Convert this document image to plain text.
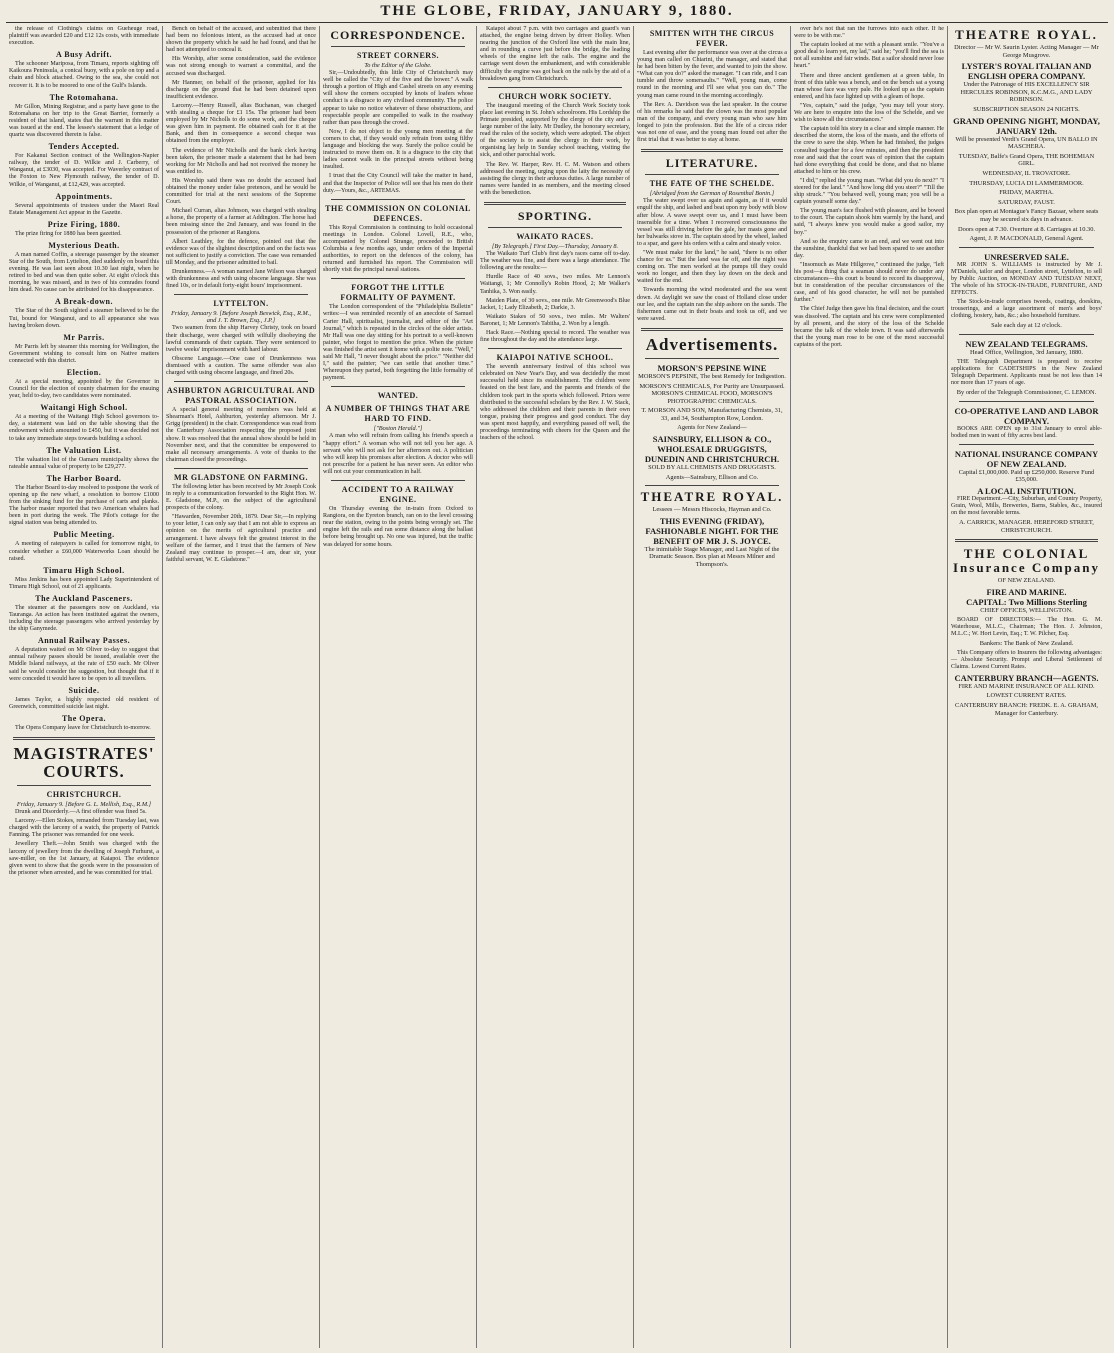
THE GLOBE, FRIDAY, JANUARY 9, 1880.

the release of Clothing's claims on Gueheuge road, plaintiff was awarded £20 and £12 12s costs, with immediate execution.

A Busy Adrift.

The schooner Mariposa, from Timaru, reports sighting off Kaikoura Peninsula, a conical buoy, with a pole on top and a chain and block attached. Owing to the sea, she could not recover it. It is to be moored to one of the Gulf's Islands.

The Rotomahana.

Mr Gillon, Mining Registrar, and a party have gone to the Rotomahana on her trip to the Great Barrier, formerly a resident of that island, states that the warrant in this matter was issued at the end. The lessee's statement that a ledge of quartz was discovered therein is false.

Tenders Accepted.

For Kakanui Section contract of the Wellington-Napier railway, the tender of D. Wilkie and J. Carberry, of Wanganui, at £3030, was accepted. For Waverley contract of the Foxton to New Plymouth railway, the tender of D. Wilkie, of Wanganui, at £12,429, was accepted.

Appointments.

Several appointments of trustees under the Maori Real Estate Management Act appear in the Gazette.

Prize Firing, 1880.

The prize firing for 1880 has been gazetted.

Mysterious Death.

A man named Coffin, a steerage passenger by the steamer Star of the South, from Lyttelton, died suddenly on board this evening. He was last seen about 10.30 last night, when he retired to bed and was then quite sober. At eight o'clock this morning, he was missed, and in two of his comrades found him dead. No cause can be attributed for his disappearance.

A Break-down.

The Star of the South sighted a steamer believed to be the Tui, bound for Wanganui, and to all appearance she was having broken down.

Mr Parris.

Mr Parris left by steamer this morning for Wellington, the Government wishing to consult him on Native matters connected with this district.

Election.

At a special meeting, appointed by the Governor in Council for the election of county chairmen for the ensuing year, held to-day, two candidates were nominated.

Waitangi High School.

At a meeting of the Waitangi High School governors to-day, a statement was laid on the table showing that the endowment which amounted to £450, but it was decided not to take any immediate steps towards building a school.

The Valuation List.

The valuation list of the Oamaru municipality shows the rateable annual value of property to be £29,277.

The Harbor Board.

The Harbor Board to-day resolved to postpone the work of opening up the new wharf, a resolution to borrow £1000 from the sinking fund for the purchase of carts and planks. The harbor master reported that two American whalers had been in port during the week. The Pilot's cottage for the signal station was being attended to.

Public Meeting.

A meeting of ratepayers is called for tomorrow night, to consider whether a £60,000 Waterworks Loan should be raised.

Timaru High School.

Miss Jenkins has been appointed Lady Superintendent of Timaru High School, out of 21 applicants.

The Auckland Pasceners.

The steamer at the passengers now on Auckland, via Tauranga. An action has been instituted against the owners, including the steerage passengers who arrived yesterday by the ship Ganymede.

Annual Railway Passes.

A deputation waited on Mr Oliver to-day to suggest that annual railway passes should be issued, available over the Middle Island railways, at the rate of £50 each. Mr Oliver said he would consider the suggestion, but thought that if it were conceded it would have to be open to all travellers.

Suicide.

James Taylor, a highly respected old resident of Greenwich, committed suicide last night.

The Opera.

The Opera Company leave for Christchurch to-morrow.

MAGISTRATES' COURTS.
CHRISTCHURCH.
Friday, January 9. [Before G. L. Mellish, Esq., R.M.]

Drunk and Disorderly.—A first offender was fined 5s.

Larceny.—Ellen Stokes, remanded from Tuesday last, was charged with the larceny of a watch, the property of Patrick Fanning. The prisoner was remanded for one week.

Jewellery Theft.—John Smith was charged with the larceny of jewellery from the dwelling of Joseph Furhurst, a saw-miller, on the 1st January, at Kaiapoi. The evidence given went to show that the goods were in the possession of the prisoner when arrested, and he was committed for trial.

Bench on behalf of the accused, and submitted that there had been no felonious intent, as the accused had at once shown the property which he said he had found, and that he had not attempted to conceal it.

His Worship, after some consideration, said the evidence was not strong enough to warrant a committal, and the accused was discharged.

Mr Hanmer, on behalf of the prisoner, applied for his discharge on the ground that he had been detained upon insufficient evidence.

Larceny.—Henry Russell, alias Buchanan, was charged with stealing a cheque for £1 15s. The prisoner had been employed by Mr Nicholls to do some work, and the cheque was given him in payment. He obtained cash for it at the Bank, and then in consequence a second cheque was obtained from the employer.

The evidence of Mr Nicholls and the bank clerk having been taken, the prisoner made a statement that he had been working for Mr Nicholls and had not received the money he was entitled to.

His Worship said there was no doubt the accused had obtained the money under false pretences, and he would be committed for trial at the next sessions of the Supreme Court.

Michael Curran, alias Johnson, was charged with stealing a horse, the property of a farmer at Addington. The horse had been missing since the 2nd January, and was found in the possession of the prisoner at Rangiora.

Albert Leathley, for the defence, pointed out that the evidence was of the slightest description and on the facts was not sufficient to justify a conviction. The case was remanded till Monday, and the prisoner admitted to bail.

Drunkenness.—A woman named Jane Wilson was charged with drunkenness and with using obscene language. She was fined 10s, or in default forty-eight hours' imprisonment.

LYTTELTON.
Friday, January 9. [Before Joseph Beswick, Esq., R.M., and J. T. Brown, Esq., J.P.]

Two seamen from the ship Harvey Christy, took on board their discharge, were charged with wilfully disobeying the lawful commands of their captain. They were sentenced to twelve weeks' imprisonment with hard labour.

Obscene Language.—One case of Drunkenness was dismissed with a caution. The same offender was also charged with using obscene language, and fined 20s.

ASHBURTON AGRICULTURAL AND PASTORAL ASSOCIATION.

A special general meeting of members was held at Shearman's Hotel, Ashburton, yesterday afternoon. Mr J. Grigg (president) in the chair. Correspondence was read from the Canterbury Association respecting the proposed joint show. It was resolved that the annual show should be held in November next, and that the committee be empowered to make all necessary arrangements. A vote of thanks to the chairman closed the proceedings.

MR GLADSTONE ON FARMING.

The following letter has been received by Mr Joseph Cook in reply to a communication forwarded to the Right Hon. W. E. Gladstone, M.P., on the subject of the agricultural prospects of the colony.

"Hawarden, November 20th, 1879. Dear Sir,—In replying to your letter, I can only say that I am not able to express an opinion on the merits of agricultural practice and arrangement. I have always felt the greatest interest in the welfare of the farmer, and I trust that the farmers of New Zealand may continue to prosper.—I am, dear sir, your faithful servant, W. E. Gladstone."

CORRESPONDENCE.
STREET CORNERS.
To the Editor of the Globe.

Sir,—Undoubtedly, this little City of Christchurch may well be called the "City of the five and the bower." A walk through a portion of High and Cashel streets on any evening will show the corners occupied by knots of loafers whose conduct is a disgrace to any civilised community. The police appear to take no notice whatever of these obstructions, and respectable people are compelled to walk in the roadway rather than pass through the crowd.

Now, I do not object to the young men meeting at the corners to chat, if they would only refrain from using filthy language and blocking the way. Surely the police could be instructed to move them on. It is a disgrace to the city that ladies cannot walk in the principal streets without being insulted.

I trust that the City Council will take the matter in hand, and that the Inspector of Police will see that his men do their duty.—Yours, &c., ARTEMAS.

THE COMMISSION ON COLONIAL DEFENCES.

This Royal Commission is continuing to hold occasional meetings in London. Colonel Lovell, R.E., who, accompanied by Colonel Strange, proceeded to British Columbia a few months ago, under orders of the Imperial authorities, to report on the defences of the colony, has returned and furnished his report. The Commission will shortly visit the principal naval stations.

FORGOT THE LITTLE FORMALITY OF PAYMENT.

The London correspondent of the "Philadelphia Bulletin" writes:—I was reminded recently of an anecdote of Samuel Carter Hall, spiritualist, journalist, and editor of the "Art Journal," which is repeated in the circles of the older artists. Mr Hall was one day sitting for his portrait to a well-known painter, who forgot to mention the price. When the picture was finished the artist sent it home with a polite note. "Well," said Mr Hall, "I never thought about the price." "Neither did I," said the painter; "we can settle that another time." Whereupon they parted, both forgetting the little formality of payment.

WANTED.
A NUMBER OF THINGS THAT ARE HARD TO FIND.
["Boston Herald."]

A man who will refrain from calling his friend's speech a "happy effort." A woman who will not tell you her age. A servant who will not ask for her afternoon out. A politician who will keep his promises after election. A doctor who will not prescribe for a patient he has never seen. An editor who will not cut your communication in half.

ACCIDENT TO A RAILWAY ENGINE.

On Thursday evening the in-train from Oxford to Rangiora, on the Eyreton branch, ran on to the level crossing near the station, owing to the points being wrongly set. The engine left the rails and ran some distance along the ballast before being brought up. No one was injured, but the traffic was delayed for some hours.

Kaiapoi about 7 p.m. with two carriages and guard's van attached, the engine being driven by driver Holley. When nearing the junction of the Oxford line with the main line, and in rounding a curve just before the bridge, the leading wheels of the engine left the rails. The engine and the carriage went down the embankment, and with considerable difficulty the engine was got back on the rails by the aid of a breakdown gang from Christchurch.

CHURCH WORK SOCIETY.

The inaugural meeting of the Church Work Society took place last evening in St. John's schoolroom. His Lordship the Primate presided, supported by the clergy of the city and a large number of the laity. Mr Dudley, the honorary secretary, read the rules of the society, which were adopted. The object of the society is to assist the clergy in their work, by organising lay help in Sunday school teaching, visiting the sick, and other parochial work.

The Rev. W. Harper, Rev. H. C. M. Watson and others addressed the meeting, urging upon the laity the necessity of assisting the clergy in their arduous duties. A large number of names were handed in as members, and the meeting closed with the benediction.

SPORTING.
WAIKATO RACES.
[By Telegraph.] First Day.—Thursday, January 8.

The Waikato Turf Club's first day's races came off to-day. The weather was fine, and there was a large attendance. The following are the results:—

Hurdle Race of 40 sovs., two miles. Mr Lennon's Waitangi, 1; Mr Connolly's Robin Hood, 2; Mr Walker's Tanhika, 3. Won easily.

Maiden Plate, of 30 sovs., one mile. Mr Greenwood's Blue Jacket, 1; Lady Elizabeth, 2; Darkie, 3.

Waikato Stakes of 50 sovs., two miles. Mr Walters' Baronet, 1; Mr Lennon's Tabitha, 2. Won by a length.

Hack Race.—Nothing special to record. The weather was fine throughout the day and the attendance large.

KAIAPOI NATIVE SCHOOL.

The seventh anniversary festival of this school was celebrated on New Year's Day, and was decidedly the most successful held since its establishment. The children were feasted on the best fare, and the parents and friends of the children took part in the sports which followed. Prizes were distributed to the successful scholars by the Rev. J. W. Stack, who addressed the children and their parents in their own tongue, praising their progress and good conduct. The day was spent most happily, and everything passed off well, the proceedings terminating with cheers for the Queen and the teachers of the school.

SMITTEN WITH THE CIRCUS FEVER.

Last evening after the performance was over at the circus a young man called on Chiarini, the manager, and stated that he had been bitten by the fever, and wanted to join the show. "What can you do?" asked the manager. "I can ride, and I can tumble and throw somersaults." "Well, young man, come round in the morning and I'll see what you can do." The young man came round in the morning accordingly.

The Rev. A. Davidson was the last speaker. In the course of his remarks he said that the clown was the most popular man of the company, and every young man who saw him longed to join the profession. But the life of a circus rider was not one of ease, and the young man found out after the first trial that it was better to stay at home.

LITERATURE.
THE FATE OF THE SCHELDE.
[Abridged from the German of Rosenthal Bonin.]

The water swept over us again and again, as if it would engulf the ship, and lashed and beat upon my body with blow after blow. A wave swept over us, and I must have been insensible for a time. When I recovered consciousness the vessel was still driving before the gale, her masts gone and her bulwarks stove in. The captain stood by the wheel, lashed to a spar, and gave his orders with a calm and steady voice.

"We must make for the land," he said, "there is no other chance for us." But the land was far off, and the night was coming on. The men worked at the pumps till they could work no longer, and then they lay down on the deck and waited for the end.

Towards morning the wind moderated and the sea went down. At daylight we saw the coast of Holland close under our lee, and the captain ran the ship ashore on the sands. The fishermen came out in their boats and took us off, and we were saved.

Advertisements.
MORSON'S PEPSINE WINE

MORSON'S PEPSINE, The best Remedy for Indigestion.

MORSON'S CHEMICALS, For Purity are Unsurpassed. MORSON'S CHEMICAL FOOD, MORSON'S PHOTOGRAPHIC CHEMICALS.

T. MORSON AND SON, Manufacturing Chemists, 31, 33, and 34, Southampton Row, London.

Agents for New Zealand—

SAINSBURY, ELLISON & CO., WHOLESALE DRUGGISTS, DUNEDIN AND CHRISTCHURCH.

SOLD BY ALL CHEMISTS AND DRUGGISTS.

Agents—Sainsbury, Ellison and Co.

THEATRE ROYAL.

Lessees — Messrs Hiscocks, Hayman and Co.

THIS EVENING (FRIDAY), FASHIONABLE NIGHT. FOR THE BENEFIT OF MR J. S. JOYCE.

The inimitable Stage Manager, and Last Night of the Dramatic Season. Box plan at Messrs Milner and Thompson's.

over he's not that ran the furrows into each other. If he were to be with me."

The captain looked at me with a pleasant smile. "You've a good deal to learn yet, my lad," said he; "you'll find the sea is not all sunshine and fair winds. But a sailor should never lose heart."

There and three ancient gentlemen at a green table, In front of this table was a bench, and on the bench sat a young man whose face was very pale. He looked up as the captain entered, and his face lighted up with a gleam of hope.

"Yes, captain," said the judge, "you may tell your story. We are here to enquire into the loss of the Schelde, and we wish to know all the circumstances."

The captain told his story in a clear and simple manner. He described the storm, the loss of the masts, and the efforts of the crew to save the ship. When he had finished, the judges consulted together for a few minutes, and then the president rose and said that the court was of opinion that the captain had done everything that could be done, and that no blame attached to him or his crew.

"I did," replied the young man. "What did you do next?" "I steered for the land." "And how long did you steer?" "Till the ship struck." "You behaved well, young man; you will be a captain yourself some day."

The young man's face flushed with pleasure, and he bowed to the court. The captain shook him warmly by the hand, and said, "I always knew you would make a good sailor, my boy."

And so the enquiry came to an end, and we went out into the sunshine, thankful that we had been spared to see another day.

"Insomuch as Mate Hillgrove," continued the judge, "left his post—a thing that a seaman should never do under any circumstances—this court is bound to record its disapproval, but in consideration of the peculiar circumstances of the case, and of his good character, he will not be punished further."

The Chief Judge then gave his final decision, and the court was dissolved. The captain and his crew were complimented by all present, and the story of the loss of the Schelde became the talk of the whole town. It was said afterwards that the young man rose to be one of the most successful captains of the port.

THEATRE ROYAL.

Director — Mr W. Saurin Lyster. Acting Manager — Mr George Musgrove.

LYSTER'S ROYAL ITALIAN AND ENGLISH OPERA COMPANY.

Under the Patronage of HIS EXCELLENCY SIR HERCULES ROBINSON, K.C.M.G., AND LADY ROBINSON.

SUBSCRIPTION SEASON 24 NIGHTS.

GRAND OPENING NIGHT, MONDAY, JANUARY 12th.

Will be presented Verdi's Grand Opera, UN BALLO IN MASCHERA.

TUESDAY, Balfe's Grand Opera, THE BOHEMIAN GIRL.

WEDNESDAY, IL TROVATORE.

THURSDAY, LUCIA DI LAMMERMOOR.

FRIDAY, MARTHA.

SATURDAY, FAUST.

Box plan open at Montague's Fancy Bazaar, where seats may be secured six days in advance.

Doors open at 7.30. Overture at 8. Carriages at 10.30.

Agent, J. P. MACDONALD, General Agent.

UNRESERVED SALE.

MR JOHN S. WILLIAMS is instructed by Mr J. M'Daniels, tailor and draper, London street, Lyttelton, to sell by Public Auction, on MONDAY AND TUESDAY NEXT, The whole of his STOCK-IN-TRADE, FURNITURE, AND EFFECTS.

The Stock-in-trade comprises tweeds, coatings, doeskins, trouserings, and a large assortment of men's and boys' clothing, hosiery, hats, &c.; also household furniture.

Sale each day at 12 o'clock.

NEW ZEALAND TELEGRAMS.

Head Office, Wellington, 3rd January, 1880.

THE Telegraph Department is prepared to receive applications for CADETSHIPS in the New Zealand Telegraph Department. Applicants must be not less than 14 nor more than 17 years of age.

By order of the Telegraph Commissioner, C. LEMON.

CO-OPERATIVE LAND AND LABOR COMPANY.

BOOKS ARE OPEN up to 31st January to enrol able-bodied men in want of fifty acres best land.

NATIONAL INSURANCE COMPANY OF NEW ZEALAND.

Capital £1,000,000. Paid up £250,000. Reserve Fund £35,000.

A LOCAL INSTITUTION.

FIRE Department.—City, Suburban, and Country Property, Grain, Wool, Mills, Breweries, Barns, Stables, &c., insured on the most favorable terms.

A. CARRICK, MANAGER. HEREFORD STREET, CHRISTCHURCH.

THE COLONIAL Insurance Company

OF NEW ZEALAND.

FIRE AND MARINE.
CAPITAL: Two Millions Sterling

CHIEF OFFICES, WELLINGTON.

BOARD OF DIRECTORS:— The Hon. G. M. Waterhouse, M.L.C., Chairman; The Hon. J. Johnston, M.L.C.; W. Hort Levin, Esq.; T. W. Pilcher, Esq.

Bankers: The Bank of New Zealand.

This Company offers to Insurers the following advantages:— Absolute Security. Prompt and Liberal Settlement of Claims. Lowest Current Rates.

CANTERBURY BRANCH—AGENTS.

FIRE AND MARINE INSURANCE OF ALL KIND.

LOWEST CURRENT RATES.

CANTERBURY BRANCH: FREDK. E. A. GRAHAM, Manager for Canterbury.
